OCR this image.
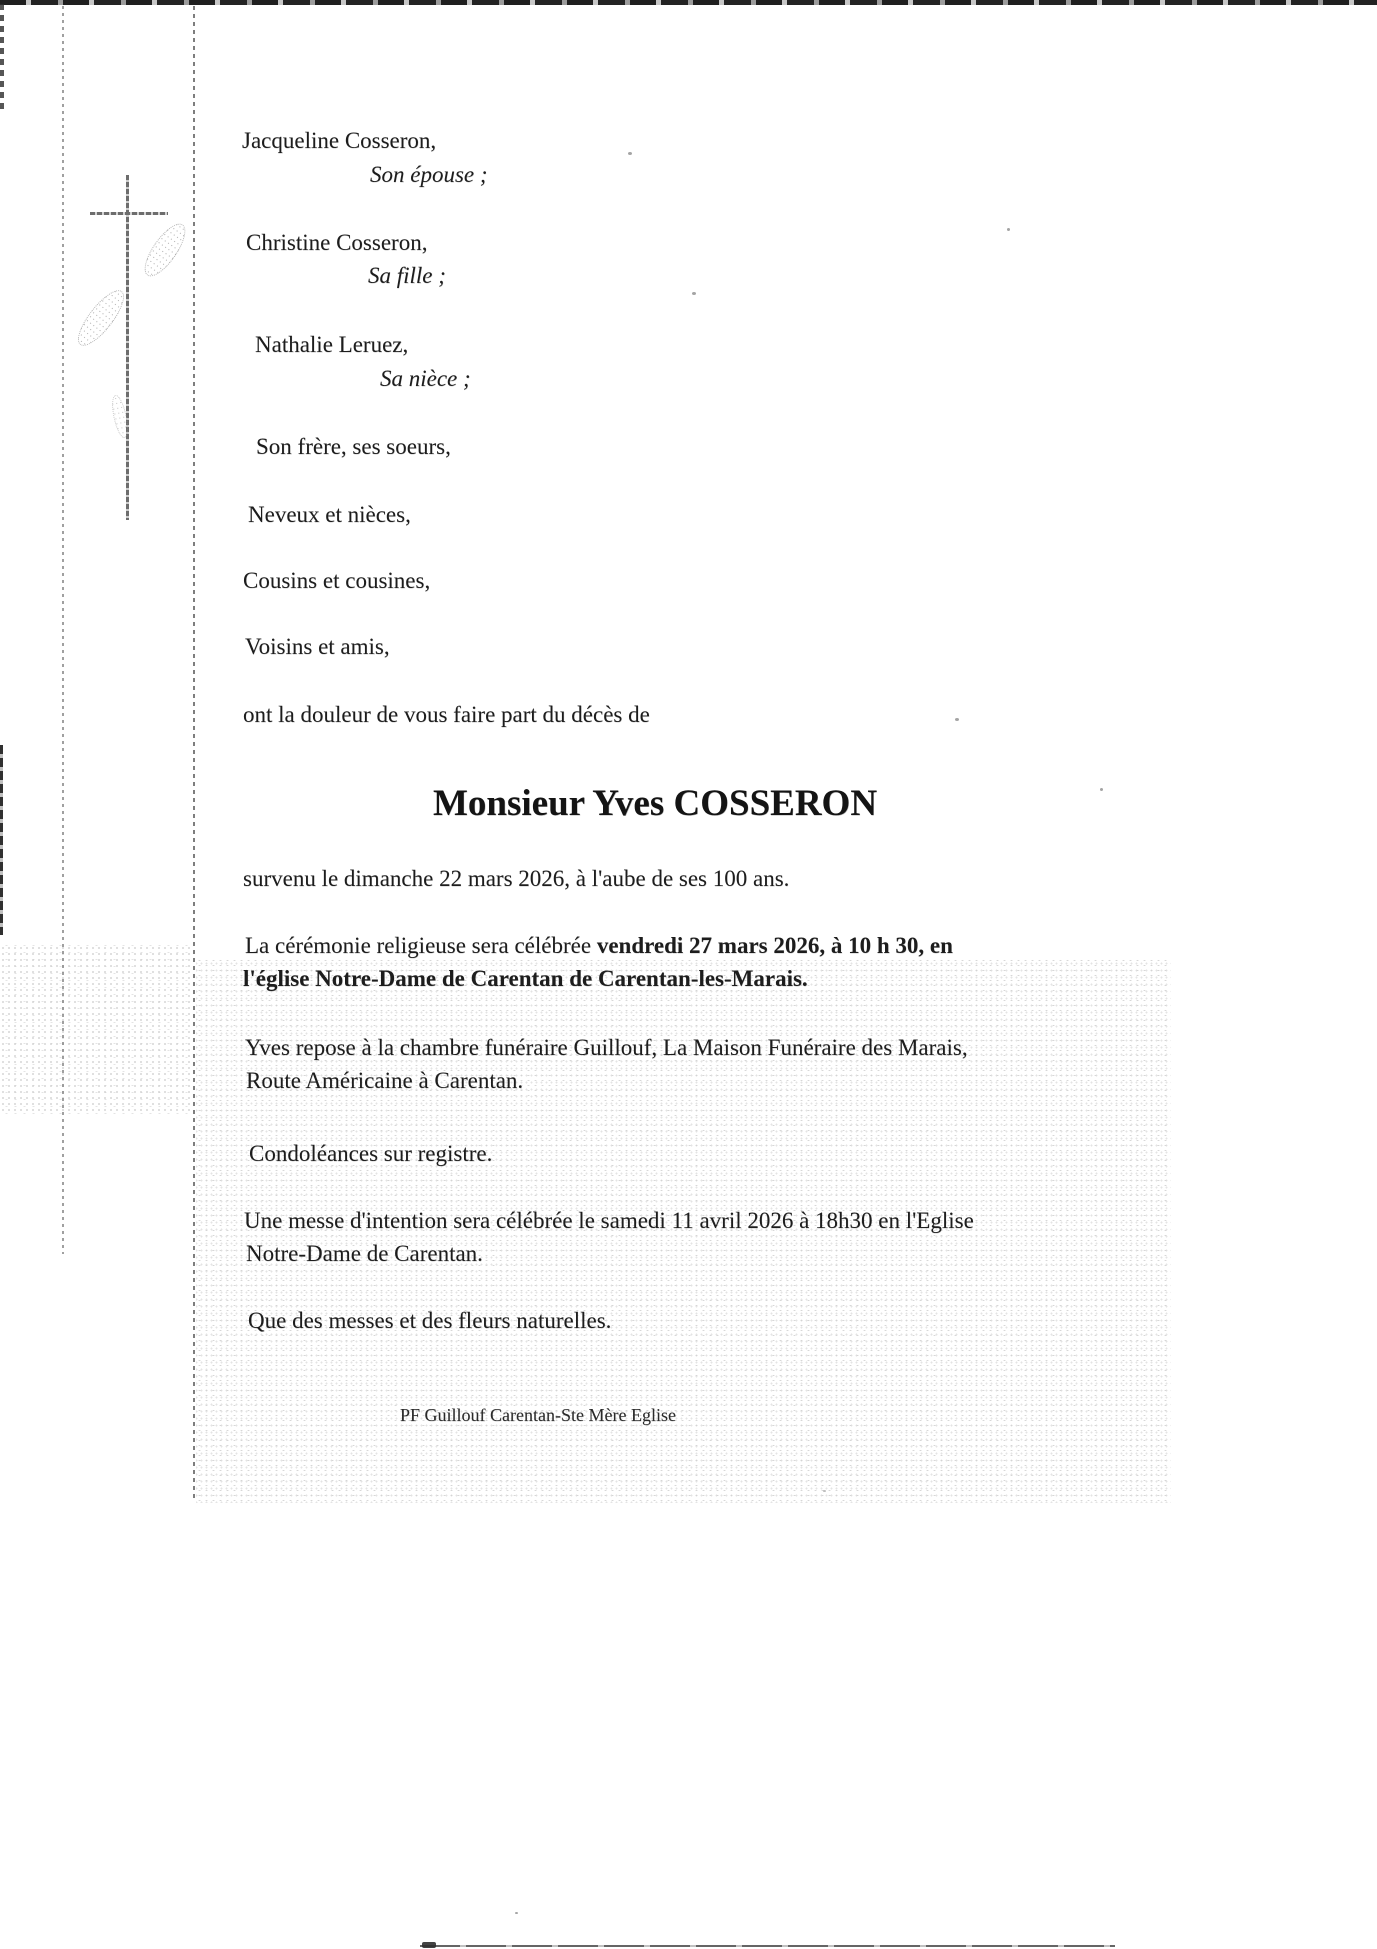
Jacqueline Cosseron,
Son épouse ;
Christine Cosseron,
Sa fille ;
Nathalie Leruez,
Sa nièce ;
Son frère, ses soeurs,
Neveux et nièces,
Cousins et cousines,
Voisins et amis,
ont la douleur de vous faire part du décès de
Monsieur Yves COSSERON
survenu le dimanche 22 mars 2026, à l'aube de ses 100 ans.
La cérémonie religieuse sera célébrée vendredi 27 mars 2026, à 10 h 30, en
l'église Notre-Dame de Carentan de Carentan-les-Marais.
Yves repose à la chambre funéraire Guillouf, La Maison Funéraire des Marais,
Route Américaine à Carentan.
Condoléances sur registre.
Une messe d'intention sera célébrée le samedi 11 avril 2026 à 18h30 en l'Eglise
Notre-Dame de Carentan.
Que des messes et des fleurs naturelles.
PF Guillouf Carentan-Ste Mère Eglise
